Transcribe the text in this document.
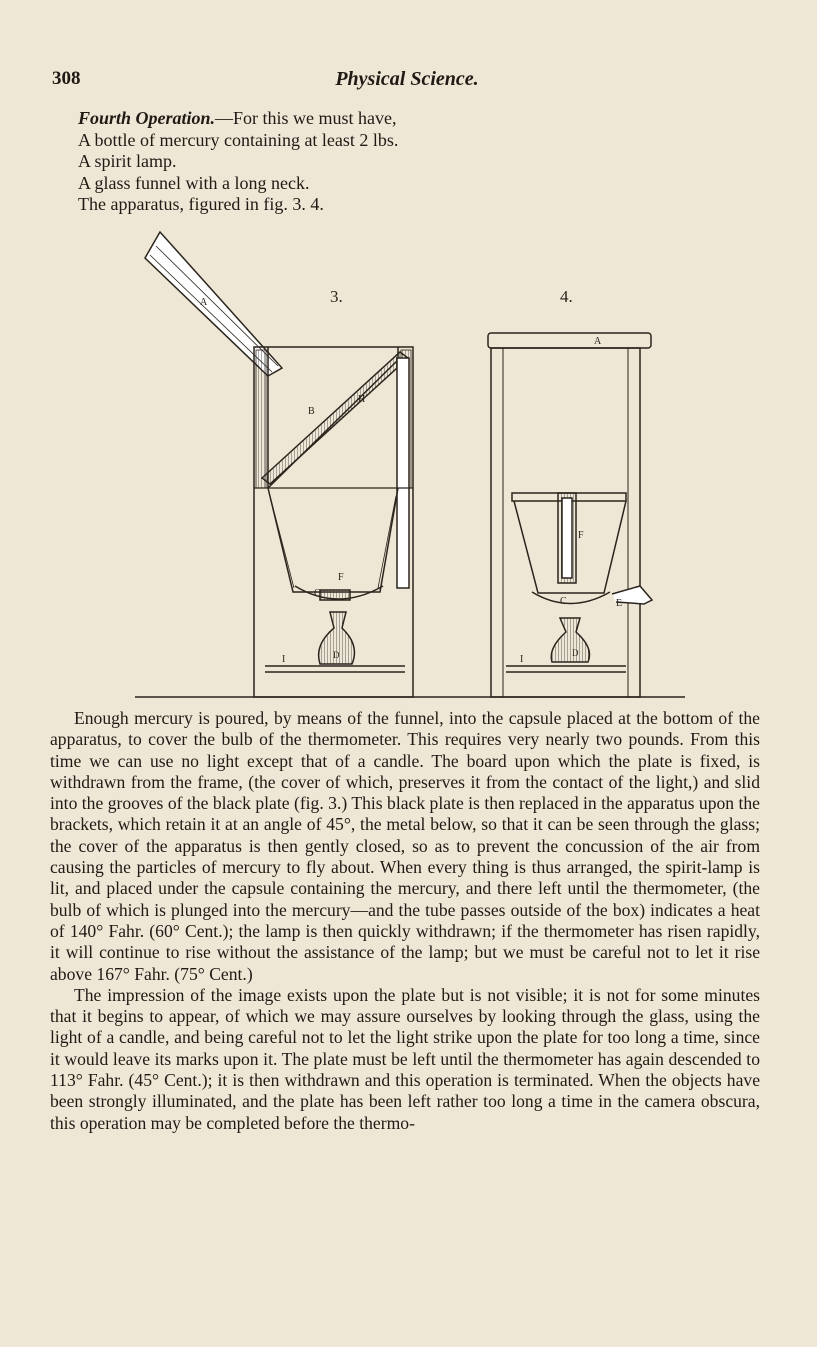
308	Physical Science.
Fourth Operation.—For this we must have,
A bottle of mercury containing at least 2 lbs.
A spirit lamp.
A glass funnel with a long neck.
The apparatus, figured in fig. 3. 4.
3.	4.
A
A
B
H
F
F
C
C
D	D
I	I
E

Enough mercury is poured, by means of the funnel, into the capsule placed at the bottom of the apparatus, to cover the bulb of the thermometer. This requires very nearly two pounds. From this time we can use no light except that of a candle. The board upon which the plate is fixed, is withdrawn from the frame, (the cover of which, preserves it from the contact of the light,) and slid into the grooves of the black plate (fig. 3.) This black plate is then replaced in the apparatus upon the brackets, which retain it at an angle of 45°, the metal below, so that it can be seen through the glass; the cover of the apparatus is then gently closed, so as to prevent the concussion of the air from causing the particles of mercury to fly about. When every thing is thus arranged, the spirit-lamp is lit, and placed under the capsule containing the mercury, and there left until the thermometer, (the bulb of which is plunged into the mercury—and the tube passes outside of the box) indicates a heat of 140° Fahr. (60° Cent.); the lamp is then quickly withdrawn; if the thermometer has risen rapidly, it will continue to rise without the assistance of the lamp; but we must be careful not to let it rise above 167° Fahr. (75° Cent.)

The impression of the image exists upon the plate but is not visible; it is not for some minutes that it begins to appear, of which we may assure ourselves by looking through the glass, using the light of a candle, and being careful not to let the light strike upon the plate for too long a time, since it would leave its marks upon it. The plate must be left until the thermometer has again descended to 113° Fahr. (45° Cent.); it is then withdrawn and this operation is terminated. When the objects have been strongly illuminated, and the plate has been left rather too long a time in the camera obscura, this operation may be completed before the thermo-
